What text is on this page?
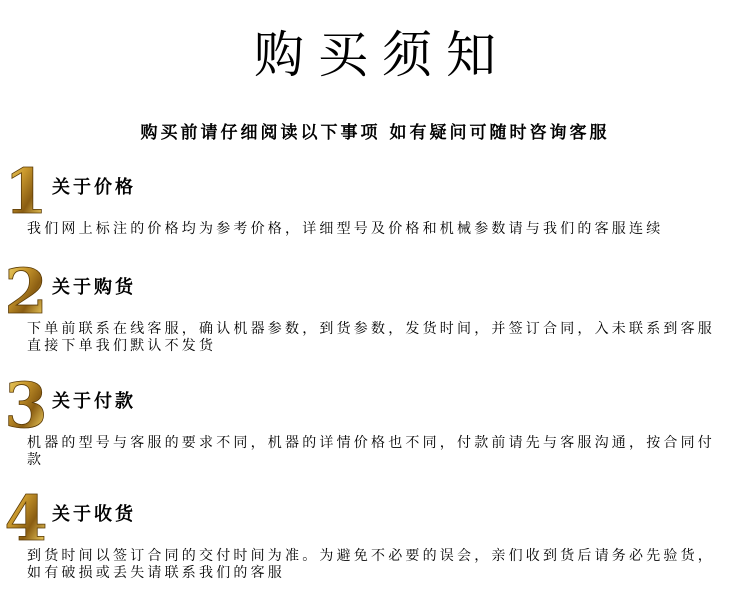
购买须知
购买前请仔细阅读以下事项 如有疑问可随时咨询客服
1 关于价格
我们网上标注的价格均为参考价格，详细型号及价格和机械参数请与我们的客服连续
2 关于购货
下单前联系在线客服，确认机器参数，到货参数，发货时间，并签订合同，入未联系到客服直接下单我们默认不发货
3 关于付款
机器的型号与客服的要求不同，机器的详情价格也不同，付款前请先与客服沟通，按合同付款
4 关于收货
到货时间以签订合同的交付时间为准。为避免不必要的误会，亲们收到货后请务必先验货，如有破损或丢失请联系我们的客服
